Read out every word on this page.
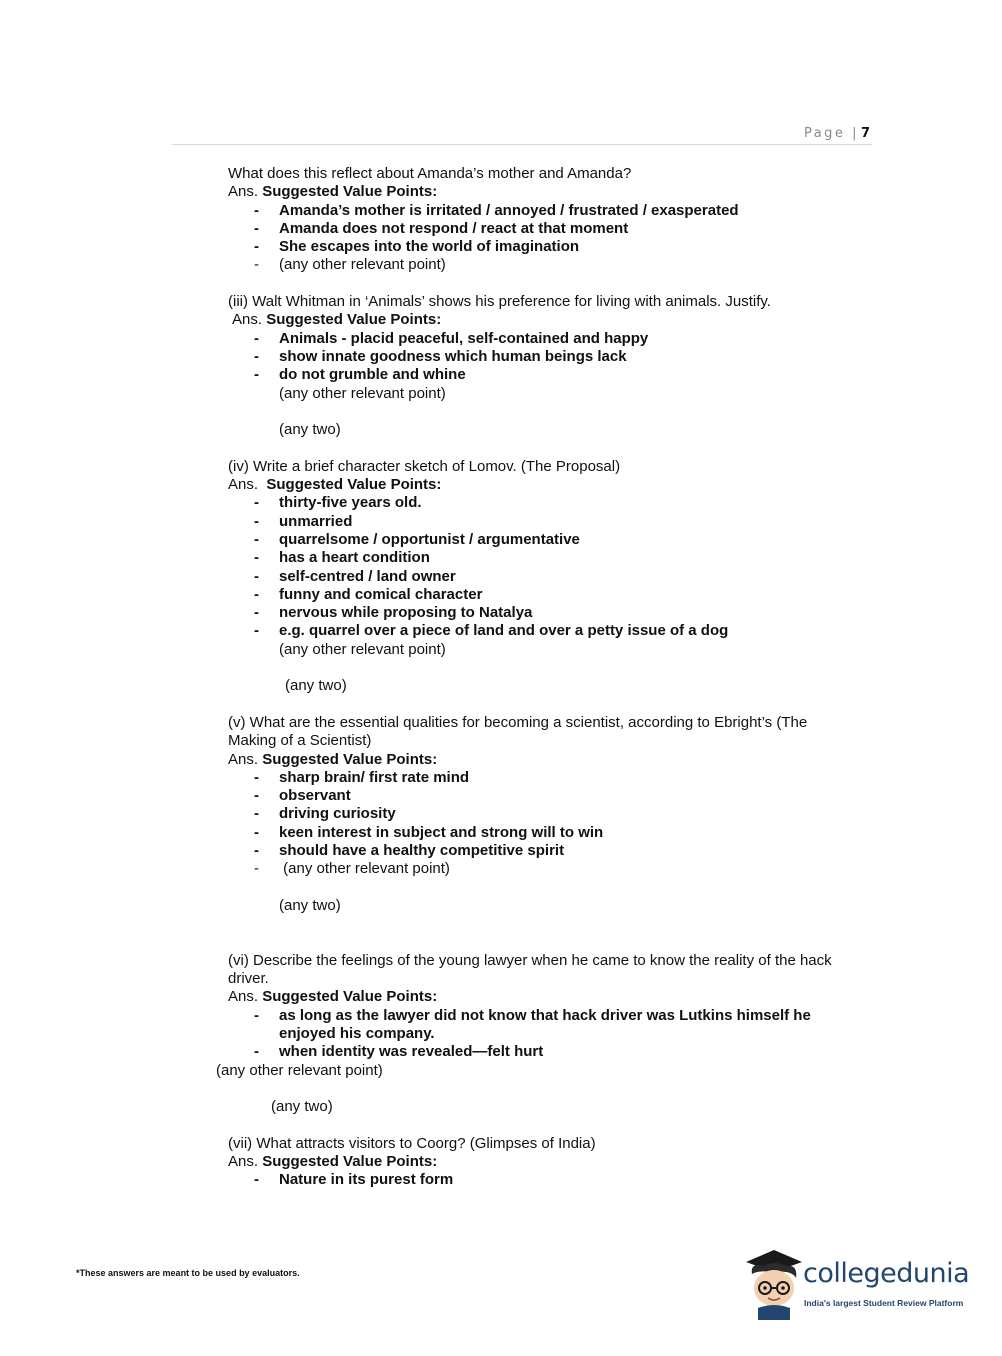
Page | 7
What does this reflect about Amanda’s mother and Amanda?
Ans. Suggested Value Points:
- Amanda’s mother is irritated / annoyed / frustrated / exasperated
- Amanda does not respond / react at that moment
- She escapes into the world of imagination
- (any other relevant point)
(iii) Walt Whitman in ‘Animals’ shows his preference for living with animals. Justify.
Ans. Suggested Value Points:
- Animals - placid peaceful, self-contained and happy
- show innate goodness which human beings lack
- do not grumble and whine
(any other relevant point)
(any two)
(iv) Write a brief character sketch of Lomov. (The Proposal)
Ans. Suggested Value Points:
- thirty-five years old.
- unmarried
- quarrelsome / opportunist / argumentative
- has a heart condition
- self-centred / land owner
- funny and comical character
- nervous while proposing to Natalya
- e.g. quarrel over a piece of land and over a petty issue of a dog
(any other relevant point)
(any two)
(v) What are the essential qualities for becoming a scientist, according to Ebright’s (The
Making of a Scientist)
Ans. Suggested Value Points:
- sharp brain/ first rate mind
- observant
- driving curiosity
- keen interest in subject and strong will to win
- should have a healthy competitive spirit
-  (any other relevant point)
(any two)
(vi) Describe the feelings of the young lawyer when he came to know the reality of the hack
driver.
Ans. Suggested Value Points:
- as long as the lawyer did not know that hack driver was Lutkins himself he
enjoyed his company.
- when identity was revealed—felt hurt
(any other relevant point)
(any two)
(vii) What attracts visitors to Coorg? (Glimpses of India)
Ans. Suggested Value Points:
- Nature in its purest form
*These answers are meant to be used by evaluators.	collegedunia
India's largest Student Review Platform
